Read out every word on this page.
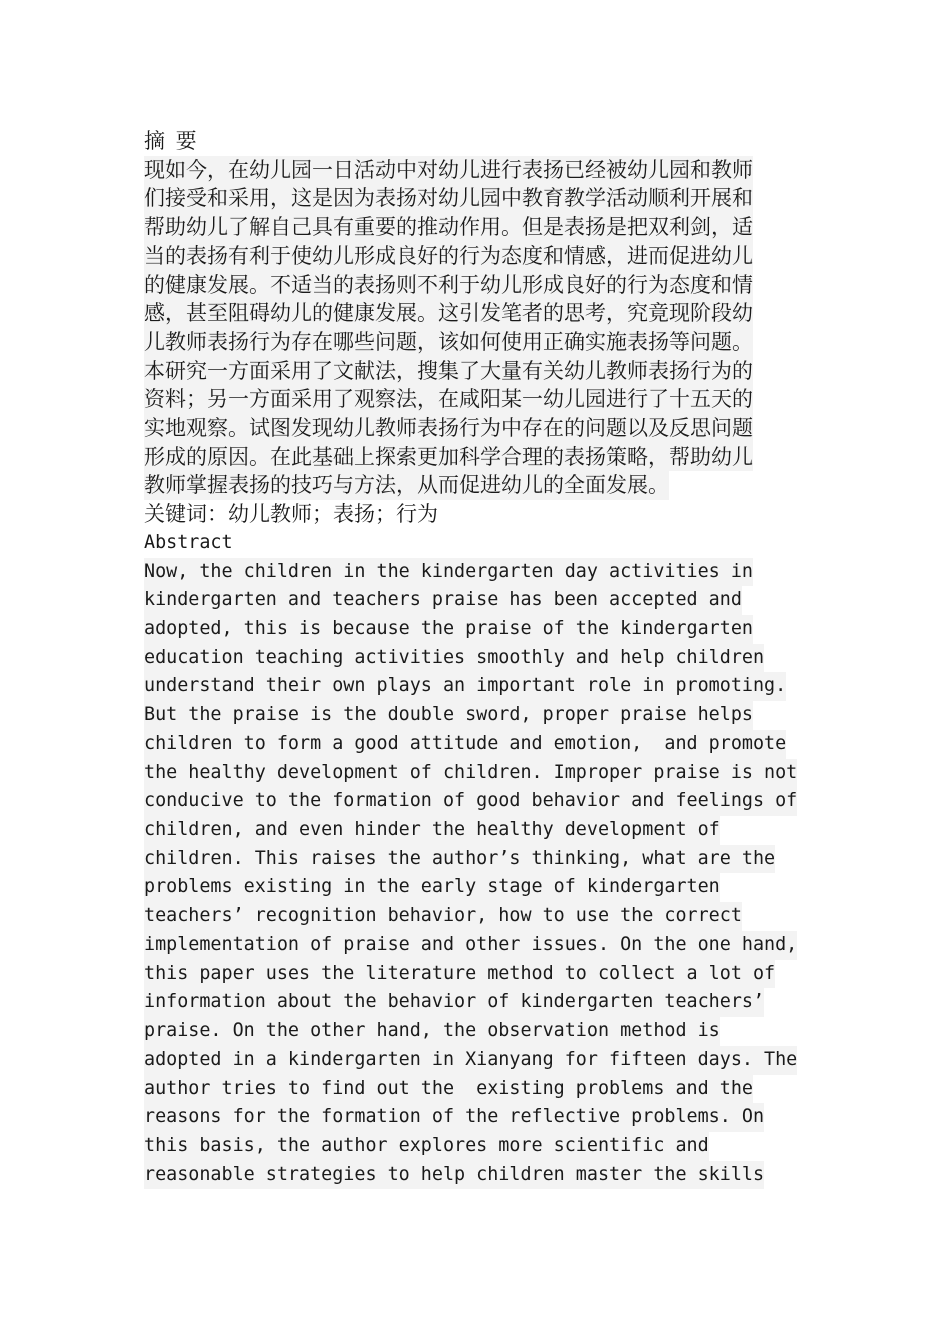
摘 要
现如今，在幼儿园一日活动中对幼儿进行表扬已经被幼儿园和教师
们接受和采用，这是因为表扬对幼儿园中教育教学活动顺利开展和
帮助幼儿了解自己具有重要的推动作用。但是表扬是把双利剑，适
当的表扬有利于使幼儿形成良好的行为态度和情感，进而促进幼儿
的健康发展。不适当的表扬则不利于幼儿形成良好的行为态度和情
感，甚至阻碍幼儿的健康发展。这引发笔者的思考，究竟现阶段幼
儿教师表扬行为存在哪些问题，该如何使用正确实施表扬等问题。
本研究一方面采用了文献法，搜集了大量有关幼儿教师表扬行为的
资料；另一方面采用了观察法，在咸阳某一幼儿园进行了十五天的
实地观察。试图发现幼儿教师表扬行为中存在的问题以及反思问题
形成的原因。在此基础上探索更加科学合理的表扬策略，帮助幼儿
教师掌握表扬的技巧与方法，从而促进幼儿的全面发展。
关键词：幼儿教师；表扬；行为
Abstract
Now, the children in the kindergarten day activities in
kindergarten and teachers praise has been accepted and
adopted, this is because the praise of the kindergarten
education teaching activities smoothly and help children
understand their own plays an important role in promoting.
But the praise is the double sword, proper praise helps
children to form a good attitude and emotion,  and promote
the healthy development of children. Improper praise is not
conducive to the formation of good behavior and feelings of
children, and even hinder the healthy development of
children. This raises the author’s thinking, what are the
problems existing in the early stage of kindergarten
teachers’ recognition behavior, how to use the correct
implementation of praise and other issues. On the one hand,
this paper uses the literature method to collect a lot of
information about the behavior of kindergarten teachers’
praise. On the other hand, the observation method is
adopted in a kindergarten in Xianyang for fifteen days. The
author tries to find out the  existing problems and the
reasons for the formation of the reflective problems. On
this basis, the author explores more scientific and
reasonable strategies to help children master the skills
